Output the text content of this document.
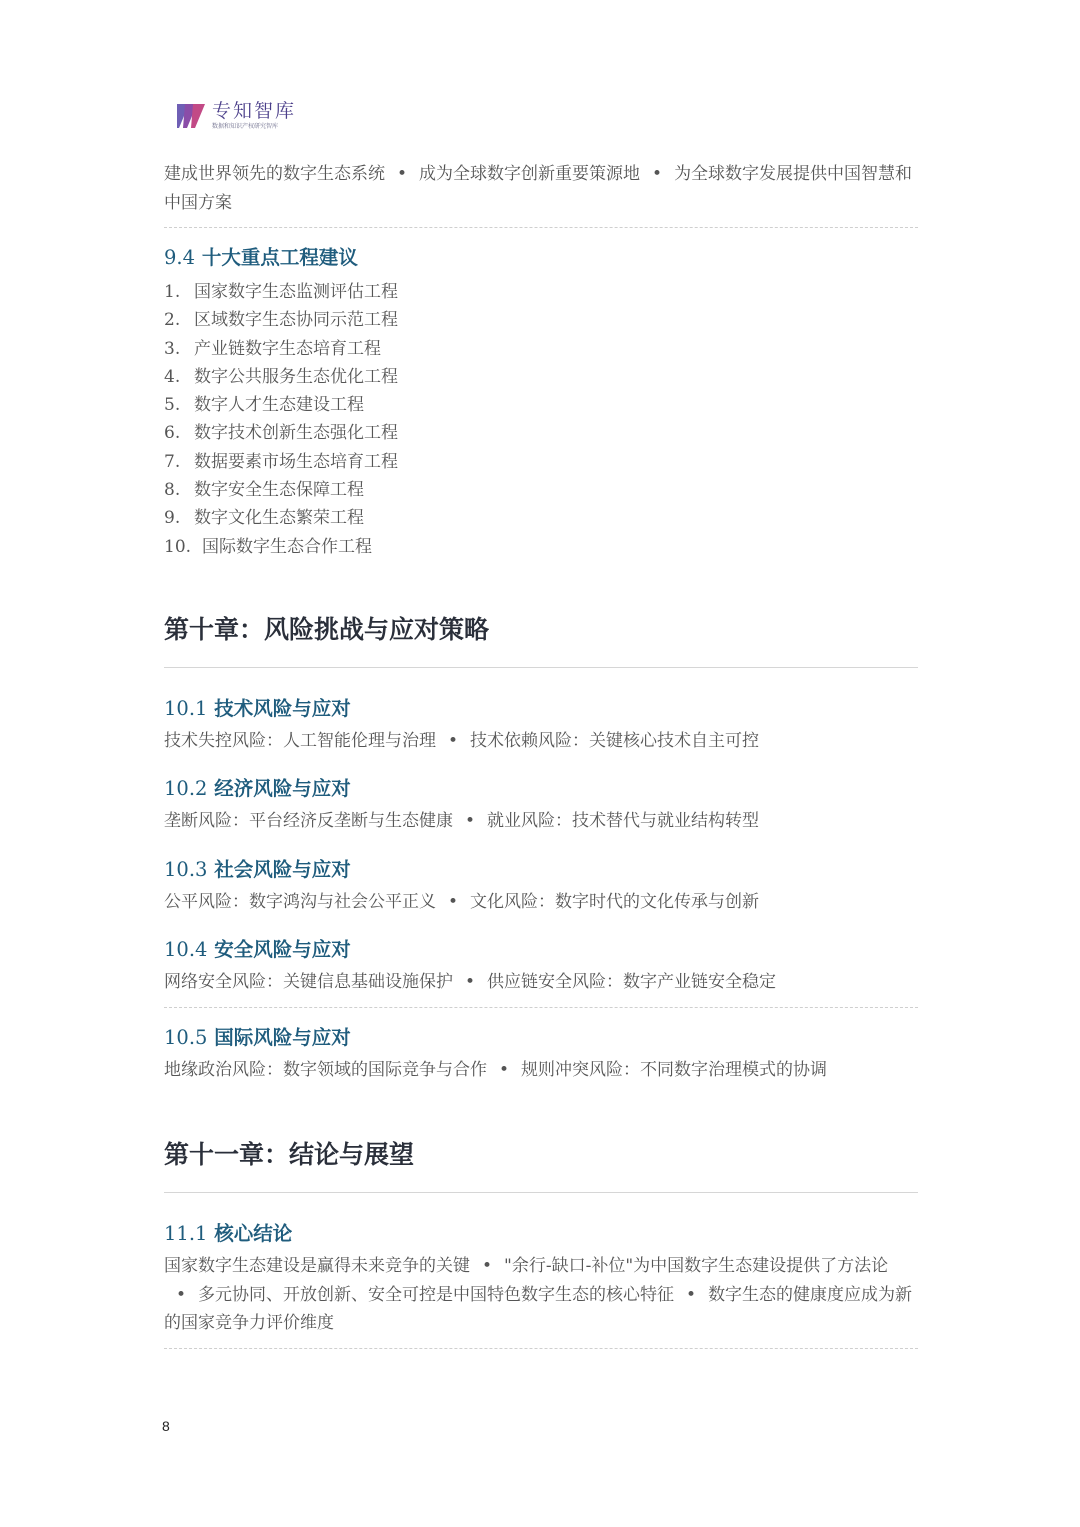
专知智库
数据和知识产权研究智库

建成世界领先的数字生态系统 • 成为全球数字创新重要策源地 • 为全球数字发展提供中国智慧和中国方案

9.4 十大重点工程建议
1. 国家数字生态监测评估工程
2. 区域数字生态协同示范工程
3. 产业链数字生态培育工程
4. 数字公共服务生态优化工程
5. 数字人才生态建设工程
6. 数字技术创新生态强化工程
7. 数据要素市场生态培育工程
8. 数字安全生态保障工程
9. 数字文化生态繁荣工程
10. 国际数字生态合作工程
第十章：风险挑战与应对策略
10.1 技术风险与应对

技术失控风险：人工智能伦理与治理 • 技术依赖风险：关键核心技术自主可控

10.2 经济风险与应对

垄断风险：平台经济反垄断与生态健康 • 就业风险：技术替代与就业结构转型

10.3 社会风险与应对

公平风险：数字鸿沟与社会公平正义 • 文化风险：数字时代的文化传承与创新

10.4 安全风险与应对

网络安全风险：关键信息基础设施保护 • 供应链安全风险：数字产业链安全稳定

10.5 国际风险与应对

地缘政治风险：数字领域的国际竞争与合作 • 规则冲突风险：不同数字治理模式的协调

第十一章：结论与展望
11.1 核心结论

国家数字生态建设是赢得未来竞争的关键 • "余行-缺口-补位"为中国数字生态建设提供了方法论• 多元协同、开放创新、安全可控是中国特色数字生态的核心特征 • 数字生态的健康度应成为新的国家竞争力评价维度

8
